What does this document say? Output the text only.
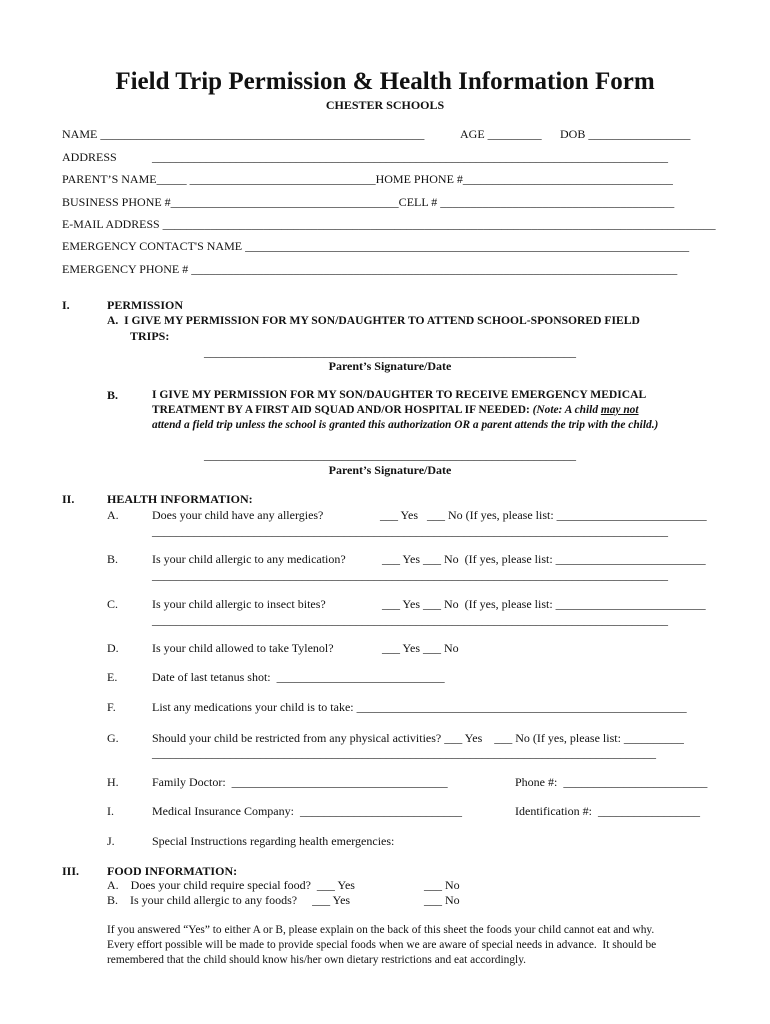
Field Trip Permission & Health Information Form
CHESTER SCHOOLS
NAME ______________________________________________________	AGE _________ DOB _________________
ADDRESS	______________________________________________________________________________________
PARENT’S NAME_____ _______________________________HOME PHONE #___________________________________
BUSINESS PHONE #______________________________________CELL # _______________________________________
E-MAIL ADDRESS _____________________________________________________________________________________________
EMERGENCY CONTACT'S NAME __________________________________________________________________________
EMERGENCY PHONE # _________________________________________________________________________________
I.	PERMISSION
A.  I GIVE MY PERMISSION FOR MY SON/DAUGHTER TO ATTEND SCHOOL-SPONSORED FIELD
TRIPS:
______________________________________________________________
Parent’s Signature/Date
B.	I GIVE MY PERMISSION FOR MY SON/DAUGHTER TO RECEIVE EMERGENCY MEDICAL
TREATMENT BY A FIRST AID SQUAD AND/OR HOSPITAL IF NEEDED: (Note: A child may not
attend a field trip unless the school is granted this authorization OR a parent attends the trip with the child.)
______________________________________________________________
Parent’s Signature/Date
II.	HEALTH INFORMATION:
A.	Does your child have any allergies?	___ Yes   ___ No (If yes, please list: _________________________
______________________________________________________________________________________
B.	Is your child allergic to any medication?	___ Yes ___ No  (If yes, please list: _________________________
______________________________________________________________________________________
C.	Is your child allergic to insect bites?	___ Yes ___ No  (If yes, please list: _________________________
______________________________________________________________________________________
D.	Is your child allowed to take Tylenol?	___ Yes ___ No
E.	Date of last tetanus shot:  ____________________________
F.	List any medications your child is to take: _______________________________________________________
G.	Should your child be restricted from any physical activities? ___ Yes    ___ No (If yes, please list: __________
____________________________________________________________________________________
H.	Family Doctor:  ____________________________________	Phone #:  ________________________
I.	Medical Insurance Company:  ___________________________	Identification #:  _________________
J.	Special Instructions regarding health emergencies:
III. FOOD INFORMATION:
A.    Does your child require special food?  ___ Yes	___ No
B.    Is your child allergic to any foods?     ___ Yes	___ No
If you answered “Yes” to either A or B, please explain on the back of this sheet the foods your child cannot eat and why.
Every effort possible will be made to provide special foods when we are aware of special needs in advance.  It should be
remembered that the child should know his/her own dietary restrictions and eat accordingly.
